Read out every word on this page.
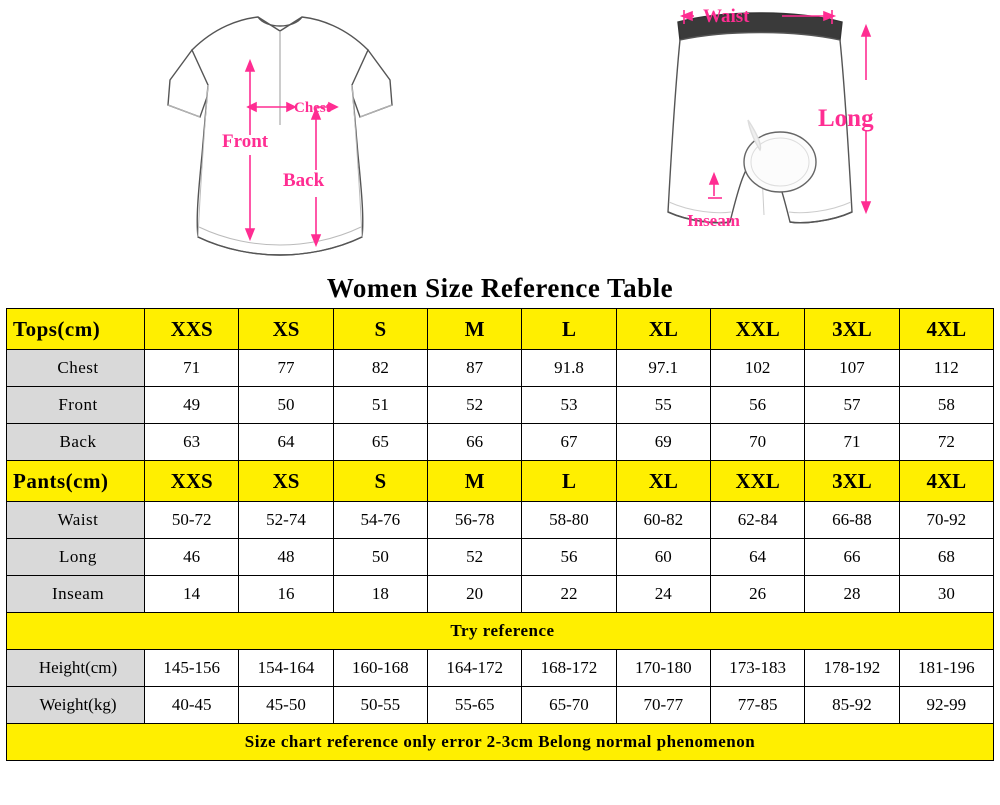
Chest
Front
Back
Waist
Long
Inseam
Women Size Reference Table
Tops(cm)	XXS	XS	S	M	L	XL	XXL	3XL	4XL
Chest	71	77	82	87	91.8	97.1	102	107	112
Front	49	50	51	52	53	55	56	57	58
Back	63	64	65	66	67	69	70	71	72
Pants(cm)	XXS	XS	S	M	L	XL	XXL	3XL	4XL
Waist	50-72	52-74	54-76	56-78	58-80	60-82	62-84	66-88	70-92
Long	46	48	50	52	56	60	64	66	68
Inseam	14	16	18	20	22	24	26	28	30
Try reference									
Height(cm)	145-156	154-164	160-168	164-172	168-172	170-180	173-183	178-192	181-196
Weight(kg)	40-45	45-50	50-55	55-65	65-70	70-77	77-85	85-92	92-99
Size chart reference only error 2-3cm Belong normal phenomenon									
